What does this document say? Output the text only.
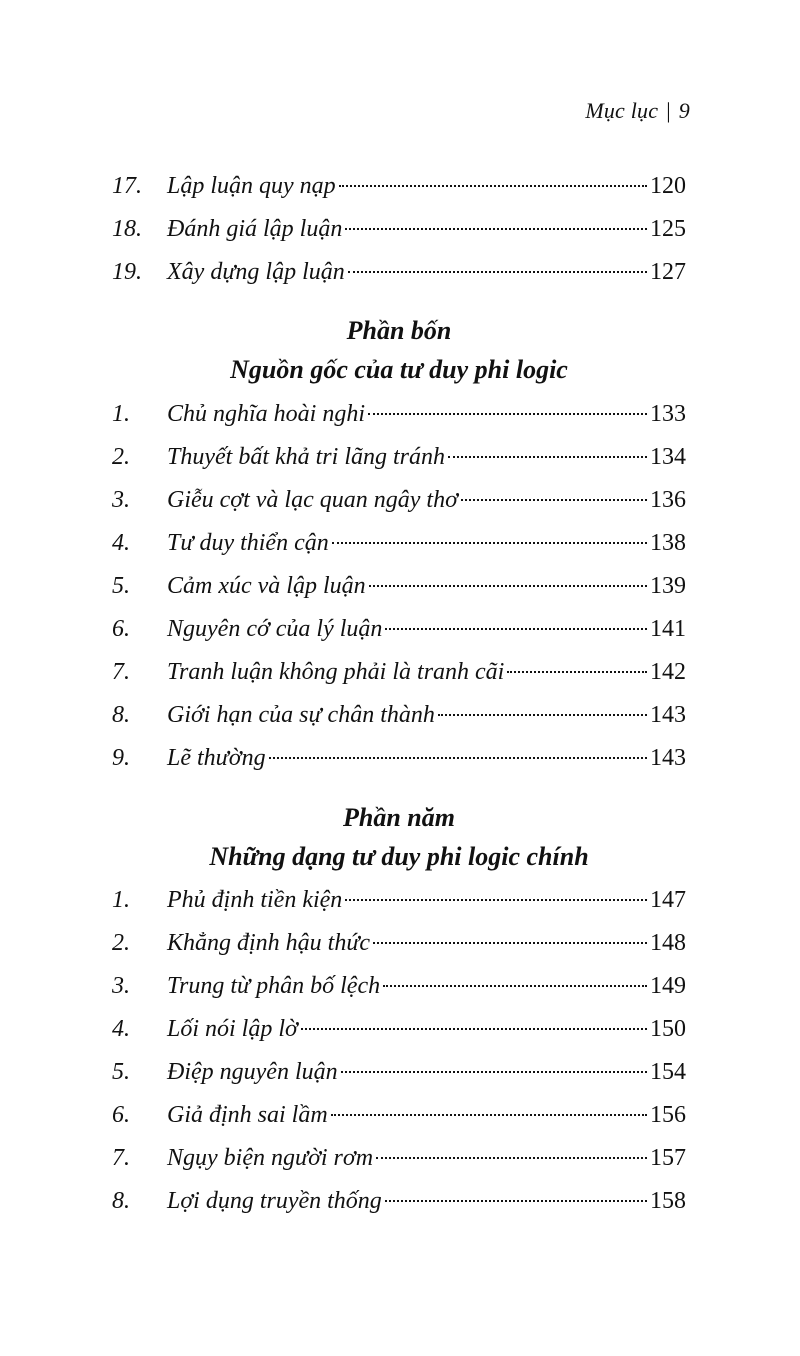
Mục lục | 9
17.	Lập luận quy nạp	120
18.	Đánh giá lập luận	125
19.	Xây dựng lập luận	127
Phần bốn
Nguồn gốc của tư duy phi logic
1.	Chủ nghĩa hoài nghi	133
2.	Thuyết bất khả tri lãng tránh	134
3.	Giễu cợt và lạc quan ngây thơ	136
4.	Tư duy thiển cận	138
5.	Cảm xúc và lập luận	139
6.	Nguyên cớ của lý luận	141
7.	Tranh luận không phải là tranh cãi	142
8.	Giới hạn của sự chân thành	143
9.	Lẽ thường	143
Phần năm
Những dạng tư duy phi logic chính
1.	Phủ định tiền kiện	147
2.	Khẳng định hậu thức	148
3.	Trung từ phân bố lệch	149
4.	Lối nói lập lờ	150
5.	Điệp nguyên luận	154
6.	Giả định sai lầm	156
7.	Ngụy biện người rơm	157
8.	Lợi dụng truyền thống	158
